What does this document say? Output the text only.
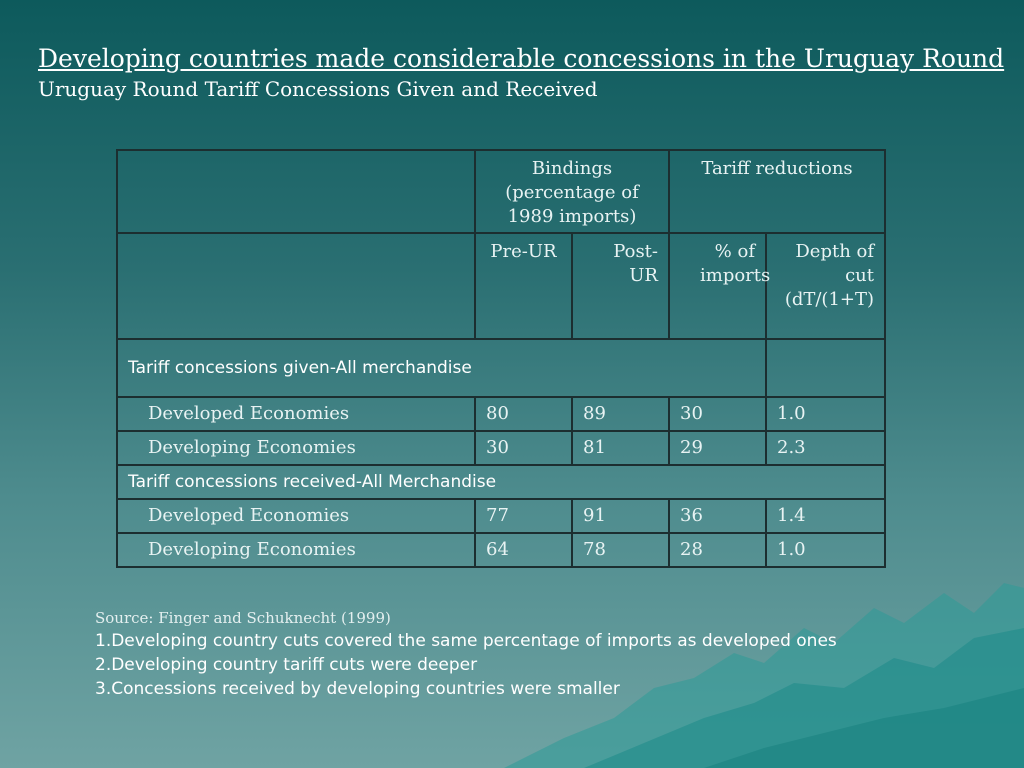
Developing countries made considerable concessions in the Uruguay Round
Uruguay Round Tariff Concessions Given and Received

	Bindings (percentage of 1989 imports)		Tariff reductions	
	Pre-UR	Post-UR	% of imports	Depth of cut (dT/(1+T)

Tariff concessions given-All merchandise				
Developed Economies	80	89	30	1.0
Developing Economies	30	81	29	2.3
Tariff concessions received-All Merchandise				
Developed Economies	77	91	36	1.4
Developing Economies	64	78	28	1.0
Source: Finger and Schuknecht (1999)
1.Developing country cuts covered the same percentage of imports as developed ones
2.Developing country tariff cuts were deeper
3.Concessions received by developing countries were smaller
